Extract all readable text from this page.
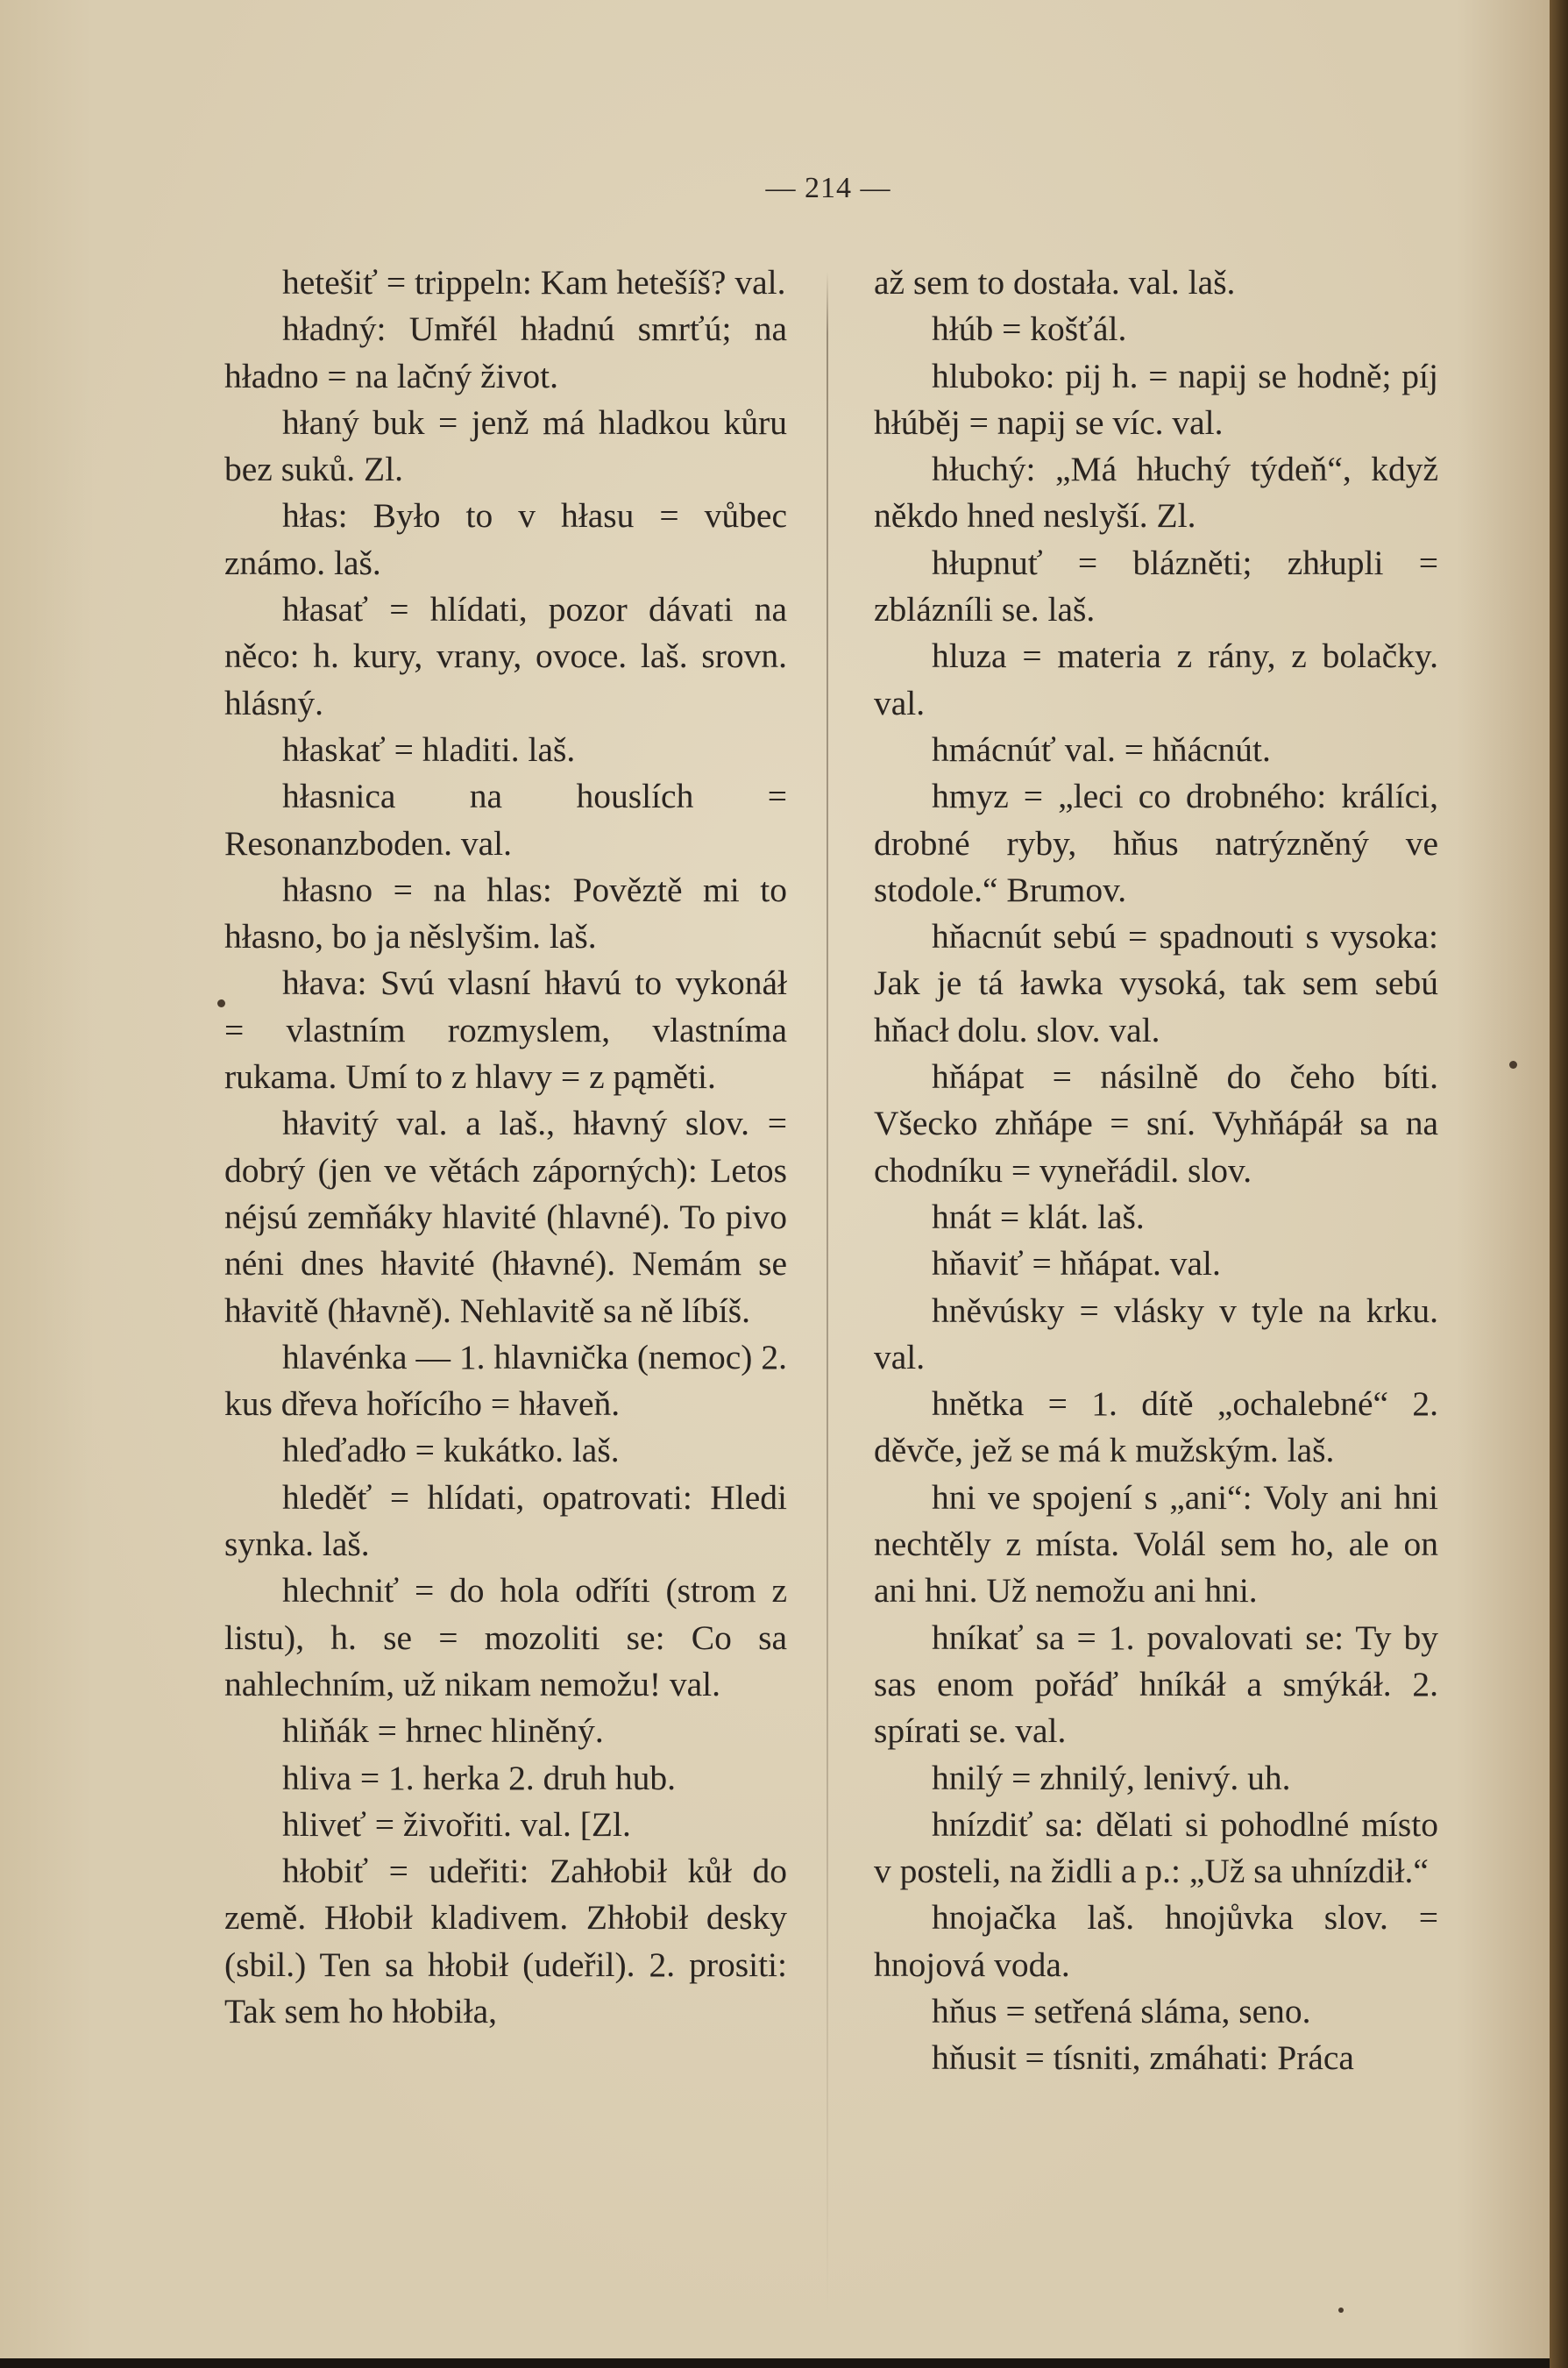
— 214 —

hetešiť = trippeln: Kam hetešíš? val.

hładný: Umřél hładnú smrťú; na hładno = na lačný život.

hłaný buk = jenž má hladkou kůru bez suků. Zl.

hłas: Było to v hłasu = vůbec známo. laš.

hłasať = hlídati, pozor dávati na něco: h. kury, vrany, ovoce. laš. srovn. hlásný.

hłaskať = hladiti. laš.

hłasnica na houslích = Resonanzboden. val.

hłasno = na hlas: Pověztě mi to hłasno, bo ja něslyšim. laš.

hłava: Svú vlasní hłavú to vykonáł = vlastním rozmyslem, vlastníma rukama. Umí to z hlavy = z pąměti.

hłavitý val. a laš., hłavný slov. = dobrý (jen ve větách záporných): Letos néjsú zemňáky hlavité (hlavné). To pivo néni dnes hłavité (hłavné). Nemám se hłavitě (hłavně). Nehlavitě sa ně líbíš.

hlavénka — 1. hlavnička (nemoc) 2. kus dřeva hořícího = hłaveň.

hleďadło = kukátko. laš.

hleděť = hlídati, opatrovati: Hledi synka. laš.

hlechniť = do hola odříti (strom z listu), h. se = mozoliti se: Co sa nahlechním, už nikam nemožu! val.

hliňák = hrnec hliněný.

hliva = 1. herka 2. druh hub.

hliveť = živořiti. val. [Zl.

hłobiť = udeřiti: Zahłobił kůł do země. Hłobił kladivem. Zhłobił desky (sbil.) Ten sa hłobił (udeřil). 2. prositi: Tak sem ho hłobiła,

až sem to dostała. val. laš.

hłúb = košťál.

hluboko: pij h. = napij se hodně; píj hłúběj = napij se víc. val.

hłuchý: „Má hłuchý týdeň“, když někdo hned neslyší. Zl.

hłupnuť = blázněti; zhłupli = zblázníli se. laš.

hluza = materia z rány, z bolačky. val.

hmácnúť val. = hňácnút.

hmyz = „leci co drobného: králíci, drobné ryby, hňus natrýzněný ve stodole.“ Brumov.

hňacnút sebú = spadnouti s vysoka: Jak je tá ławka vysoká, tak sem sebú hňacł dolu. slov. val.

hňápat = násilně do čeho bíti. Všecko zhňápe = sní. Vyhňápáł sa na chodníku = vyneřádil. slov.

hnát = klát. laš.

hňaviť = hňápat. val.

hněvúsky = vlásky v tyle na krku. val.

hnětka = 1. dítě „ochalebné“ 2. děvče, jež se má k mužským. laš.

hni ve spojení s „ani“: Voly ani hni nechtěly z místa. Volál sem ho, ale on ani hni. Už nemožu ani hni.

hníkať sa = 1. povalovati se: Ty by sas enom pořáď hníkáł a smýkáł. 2. spírati se. val.

hnilý = zhnilý, lenivý. uh.

hnízdiť sa: dělati si pohodlné místo v posteli, na židli a p.: „Už sa uhnízdił.“

hnojačka laš. hnojůvka slov. = hnojová voda.

hňus = setřená sláma, seno.

hňusit = tísniti, zmáhati: Práca
